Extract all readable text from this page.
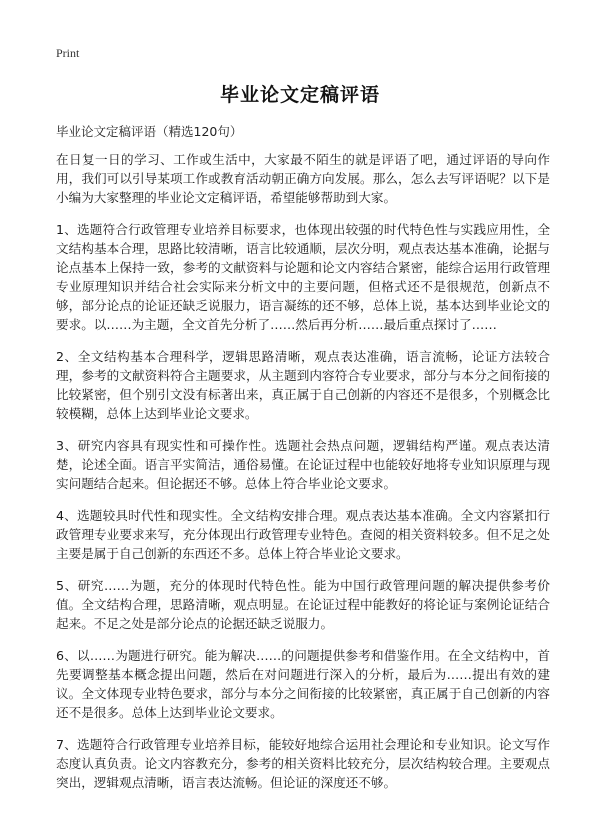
Print
毕业论文定稿评语
毕业论文定稿评语（精选120句）

在日复一日的学习、工作或生活中，大家最不陌生的就是评语了吧，通过评语的导向作用，我们可以引导某项工作或教育活动朝正确方向发展。那么，怎么去写评语呢？以下是小编为大家整理的毕业论文定稿评语，希望能够帮助到大家。

1、选题符合行政管理专业培养目标要求，也体现出较强的时代特色性与实践应用性，全文结构基本合理，思路比较清晰，语言比较通顺，层次分明，观点表达基本准确，论据与论点基本上保持一致，参考的文献资料与论题和论文内容结合紧密，能综合运用行政管理专业原理知识并结合社会实际来分析文中的主要问题，但格式还不是很规范，创新点不够，部分论点的论证还缺乏说服力，语言凝练的还不够，总体上说，基本达到毕业论文的要求。以……为主题，全文首先分析了……然后再分析……最后重点探讨了……

2、全文结构基本合理科学，逻辑思路清晰，观点表达准确，语言流畅，论证方法较合理，参考的文献资料符合主题要求，从主题到内容符合专业要求，部分与本分之间衔接的比较紧密，但个别引文没有标著出来，真正属于自己创新的内容还不是很多，个别概念比较模糊，总体上达到毕业论文要求。

3、研究内容具有现实性和可操作性。选题社会热点问题，逻辑结构严谨。观点表达清楚，论述全面。语言平实简洁，通俗易懂。在论证过程中也能较好地将专业知识原理与现实问题结合起来。但论据还不够。总体上符合毕业论文要求。

4、选题较具时代性和现实性。全文结构安排合理。观点表达基本准确。全文内容紧扣行政管理专业要求来写，充分体现出行政管理专业特色。查阅的相关资料较多。但不足之处主要是属于自己创新的东西还不多。总体上符合毕业论文要求。

5、研究……为题，充分的体现时代特色性。能为中国行政管理问题的解决提供参考价值。全文结构合理，思路清晰，观点明显。在论证过程中能教好的将论证与案例论证结合起来。不足之处是部分论点的论据还缺乏说服力。

6、以……为题进行研究。能为解决……的问题提供参考和借鉴作用。在全文结构中，首先要调整基本概念提出问题，然后在对问题进行深入的分析，最后为……提出有效的建议。全文体现专业特色要求，部分与本分之间衔接的比较紧密，真正属于自己创新的内容还不是很多。总体上达到毕业论文要求。

7、选题符合行政管理专业培养目标，能较好地综合运用社会理论和专业知识。论文写作态度认真负责。论文内容教充分，参考的相关资料比较充分，层次结构较合理。主要观点突出，逻辑观点清晰，语言表达流畅。但论证的深度还不够。
